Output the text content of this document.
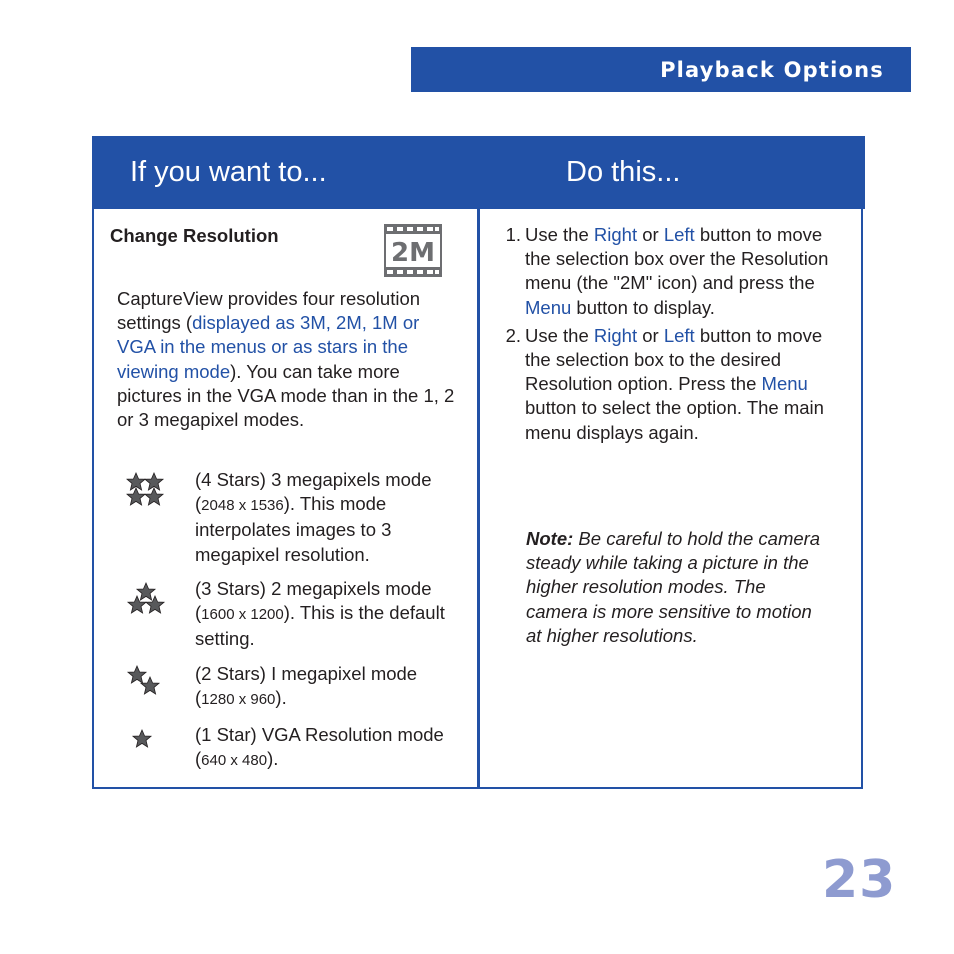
Playback Options
If you want to...	Do this...
Change Resolution
2M

CaptureView provides four resolution settings (displayed as 3M, 2M, 1M or VGA in the menus or as stars in the viewing mode). You can take more pictures in the VGA mode than in the 1, 2 or 3 megapixel modes.

(4 Stars) 3 megapixels mode (2048 x 1536). This mode interpolates images to 3 megapixel resolution.

(3 Stars) 2 megapixels mode (1600 x 1200). This is the default setting.

(2 Stars) I megapixel mode (1280 x 960).

(1 Star) VGA Resolution mode (640 x 480).

1. Use the Right or Left button to move the selection box over the Resolution menu (the "2M" icon) and press the Menu button to display.
2. Use the Right or Left button to move the selection box to the desired Resolution option. Press the Menu button to select the option. The main menu displays again.

Note: Be careful to hold the camera steady while taking a picture in the higher resolution modes. The camera is more sensitive to motion at higher resolutions.

23
